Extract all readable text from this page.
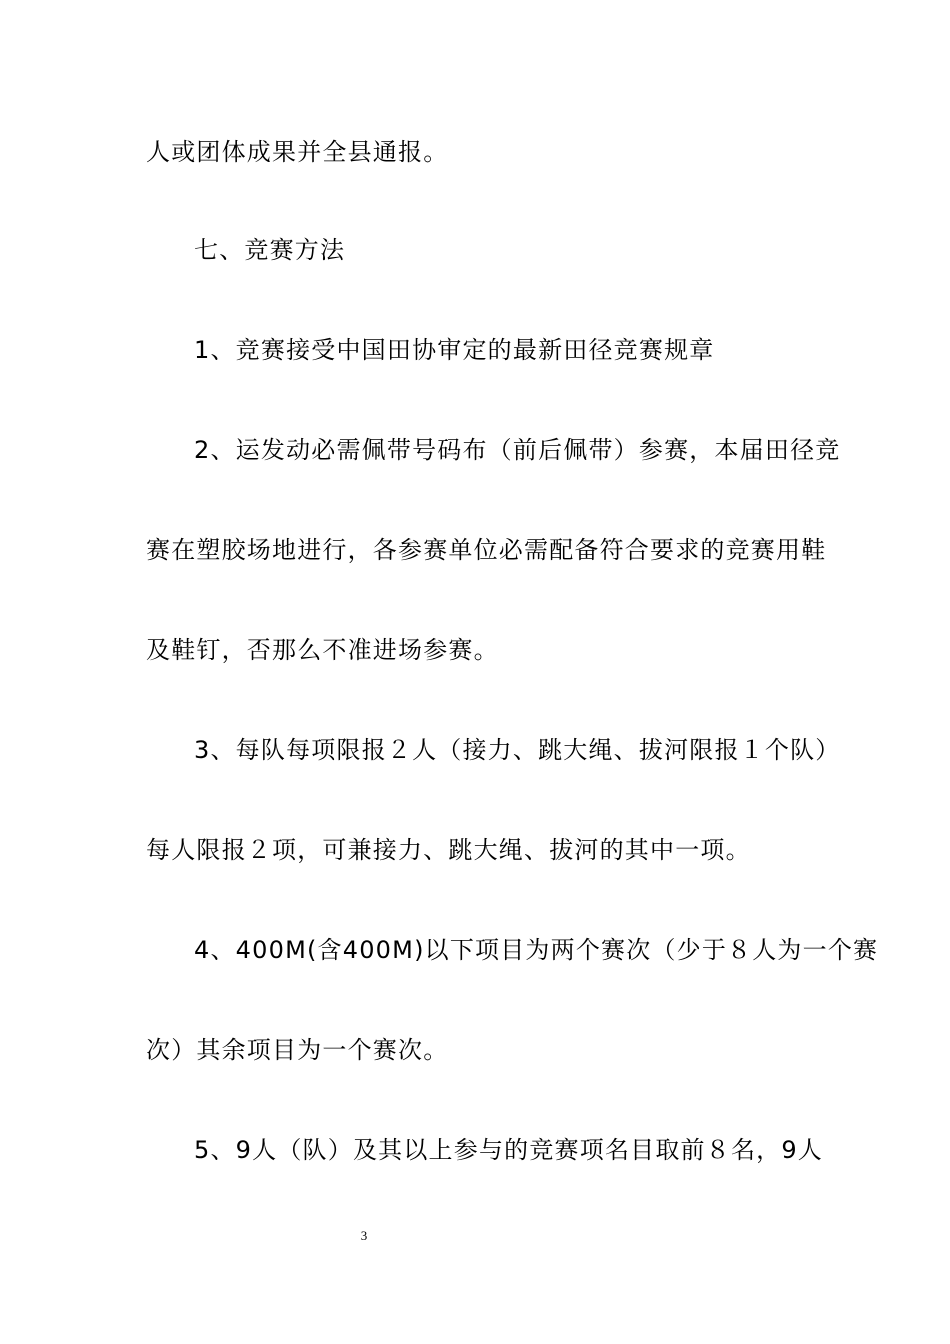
人或团体成果并全县通报。
七、竞赛方法
1、竞赛接受中国田协审定的最新田径竞赛规章
2、运发动必需佩带号码布（前后佩带）参赛，本届田径竞
赛在塑胶场地进行，各参赛单位必需配备符合要求的竞赛用鞋
及鞋钉，否那么不准进场参赛。
3、每队每项限报２人（接力、跳大绳、拔河限报１个队）
每人限报２项，可兼接力、跳大绳、拔河的其中一项。
4、400M(含400M)以下项目为两个赛次（少于８人为一个赛
次）其余项目为一个赛次。
5、9人（队）及其以上参与的竞赛项名目取前８名，9人
3
